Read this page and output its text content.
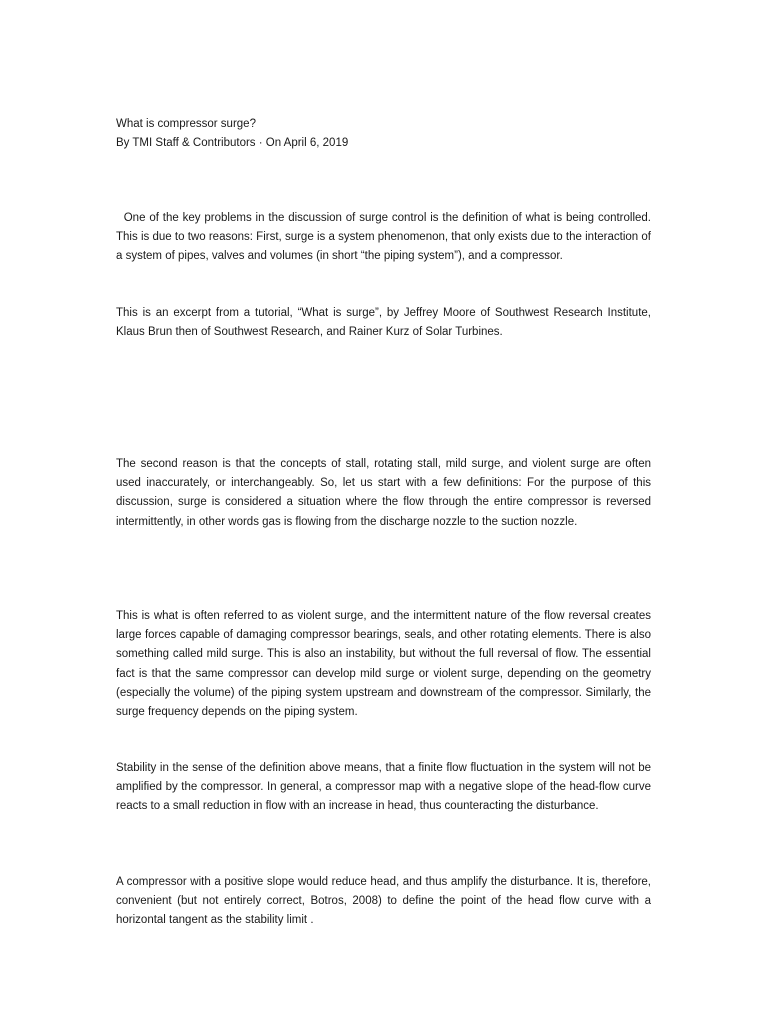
What is compressor surge?
By TMI Staff & Contributors · On April 6, 2019

One of the key problems in the discussion of surge control is the definition of what is being controlled. This is due to two reasons: First, surge is a system phenomenon, that only exists due to the interaction of a system of pipes, valves and volumes (in short “the piping system”), and a compressor.

This is an excerpt from a tutorial, “What is surge”, by Jeffrey Moore of Southwest Research Institute, Klaus Brun then of Southwest Research, and Rainer Kurz of Solar Turbines.

The second reason is that the concepts of stall, rotating stall, mild surge, and violent surge are often used inaccurately, or interchangeably. So, let us start with a few definitions: For the purpose of this discussion, surge is considered a situation where the flow through the entire compressor is reversed intermittently, in other words gas is flowing from the discharge nozzle to the suction nozzle.

This is what is often referred to as violent surge, and the intermittent nature of the flow reversal creates large forces capable of damaging compressor bearings, seals, and other rotating elements. There is also something called mild surge. This is also an instability, but without the full reversal of flow. The essential fact is that the same compressor can develop mild surge or violent surge, depending on the geometry (especially the volume) of the piping system upstream and downstream of the compressor. Similarly, the surge frequency depends on the piping system.

Stability in the sense of the definition above means, that a finite flow fluctuation in the system will not be amplified by the compressor. In general, a compressor map with a negative slope of the head-flow curve reacts to a small reduction in flow with an increase in head, thus counteracting the disturbance.

A compressor with a positive slope would reduce head, and thus amplify the disturbance. It is, therefore, convenient (but not entirely correct, Botros, 2008) to define the point of the head flow curve with a horizontal tangent as the stability limit .
